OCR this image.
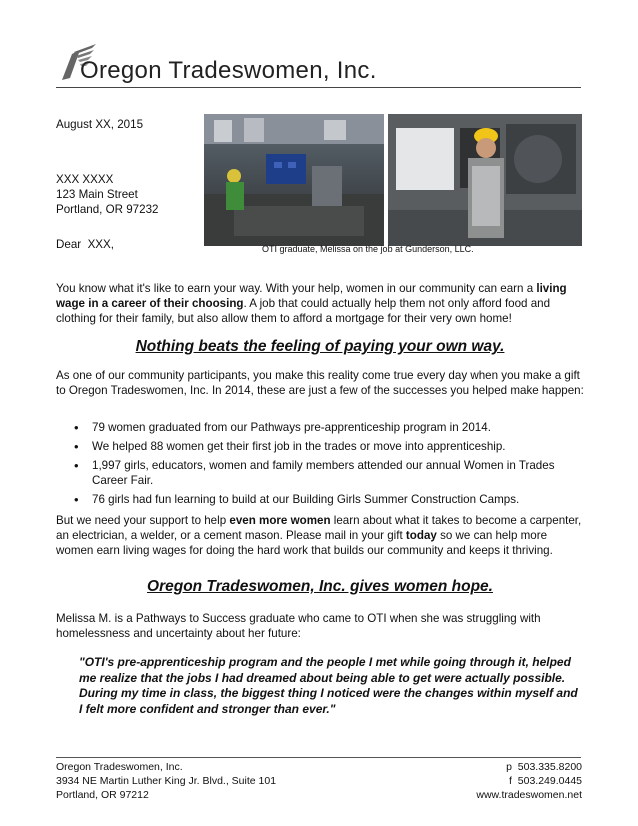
Oregon Tradeswomen, Inc.
August XX, 2015
XXX XXXX
123 Main Street
Portland, OR 97232
Dear  XXX,	OTI graduate, Melissa on the job at Gunderson, LLC.
You know what it's like to earn your way. With your help, women in our community can earn a living wage in a career of their choosing. A job that could actually help them not only afford food and clothing for their family, but also allow them to afford a mortgage for their very own home!
Nothing beats the feeling of paying your own way.
As one of our community participants, you make this reality come true every day when you make a gift to Oregon Tradeswomen, Inc. In 2014, these are just a few of the successes you helped make happen:
• 79 women graduated from our Pathways pre-apprenticeship program in 2014.
• We helped 88 women get their first job in the trades or move into apprenticeship.
• 1,997 girls, educators, women and family members attended our annual Women in Trades Career Fair.
• 76 girls had fun learning to build at our Building Girls Summer Construction Camps.
But we need your support to help even more women learn about what it takes to become a carpenter, an electrician, a welder, or a cement mason. Please mail in your gift today so we can help more women earn living wages for doing the hard work that builds our community and keeps it thriving.
Oregon Tradeswomen, Inc. gives women hope.
Melissa M. is a Pathways to Success graduate who came to OTI when she was struggling with homelessness and uncertainty about her future:
"OTI's pre-apprenticeship program and the people I met while going through it, helped me realize that the jobs I had dreamed about being able to get were actually possible. During my time in class, the biggest thing I noticed were the changes within myself and I felt more confident and stronger than ever."
Oregon Tradeswomen, Inc.
3934 NE Martin Luther King Jr. Blvd., Suite 101
Portland, OR 97212
p  503.335.8200
f  503.249.0445
www.tradeswomen.net
